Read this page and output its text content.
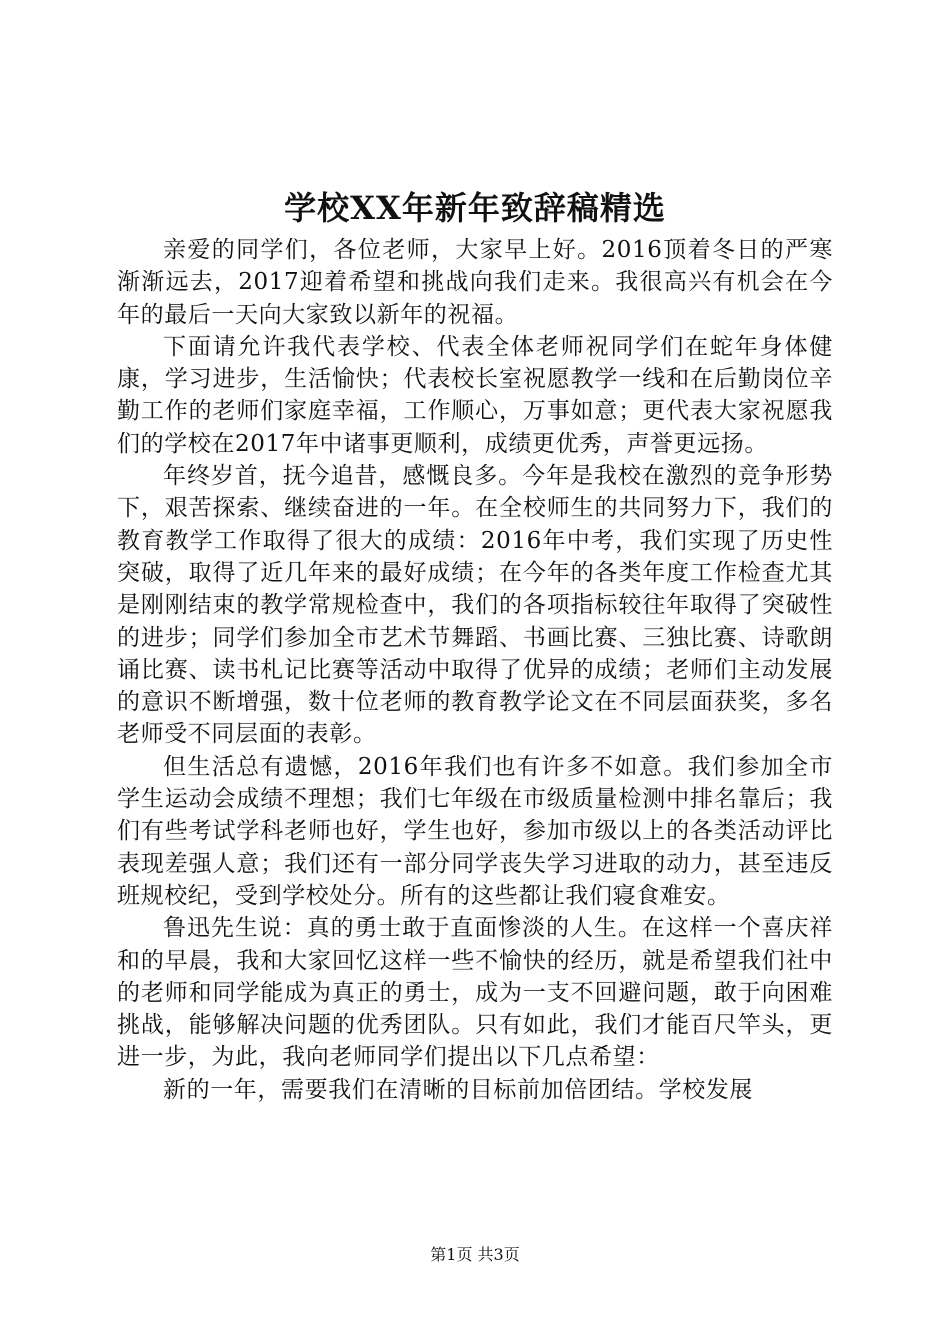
学校XX年新年致辞稿精选

亲爱的同学们，各位老师，大家早上好。2016顶着冬日的严寒渐渐远去，2017迎着希望和挑战向我们走来。我很高兴有机会在今年的最后一天向大家致以新年的祝福。

下面请允许我代表学校、代表全体老师祝同学们在蛇年身体健康，学习进步，生活愉快；代表校长室祝愿教学一线和在后勤岗位辛勤工作的老师们家庭幸福，工作顺心，万事如意；更代表大家祝愿我们的学校在2017年中诸事更顺利，成绩更优秀，声誉更远扬。

年终岁首，抚今追昔，感慨良多。今年是我校在激烈的竞争形势下，艰苦探索、继续奋进的一年。在全校师生的共同努力下，我们的教育教学工作取得了很大的成绩：2016年中考，我们实现了历史性突破，取得了近几年来的最好成绩；在今年的各类年度工作检查尤其是刚刚结束的教学常规检查中，我们的各项指标较往年取得了突破性的进步；同学们参加全市艺术节舞蹈、书画比赛、三独比赛、诗歌朗诵比赛、读书札记比赛等活动中取得了优异的成绩；老师们主动发展的意识不断增强，数十位老师的教育教学论文在不同层面获奖，多名老师受不同层面的表彰。

但生活总有遗憾，2016年我们也有许多不如意。我们参加全市学生运动会成绩不理想；我们七年级在市级质量检测中排名靠后；我们有些考试学科老师也好，学生也好，参加市级以上的各类活动评比表现差强人意；我们还有一部分同学丧失学习进取的动力，甚至违反班规校纪，受到学校处分。所有的这些都让我们寝食难安。

鲁迅先生说：真的勇士敢于直面惨淡的人生。在这样一个喜庆祥和的早晨，我和大家回忆这样一些不愉快的经历，就是希望我们社中的老师和同学能成为真正的勇士，成为一支不回避问题，敢于向困难挑战，能够解决问题的优秀团队。只有如此，我们才能百尺竿头，更进一步，为此，我向老师同学们提出以下几点希望：

新的一年，需要我们在清晰的目标前加倍团结。学校发展

第1页 共3页
